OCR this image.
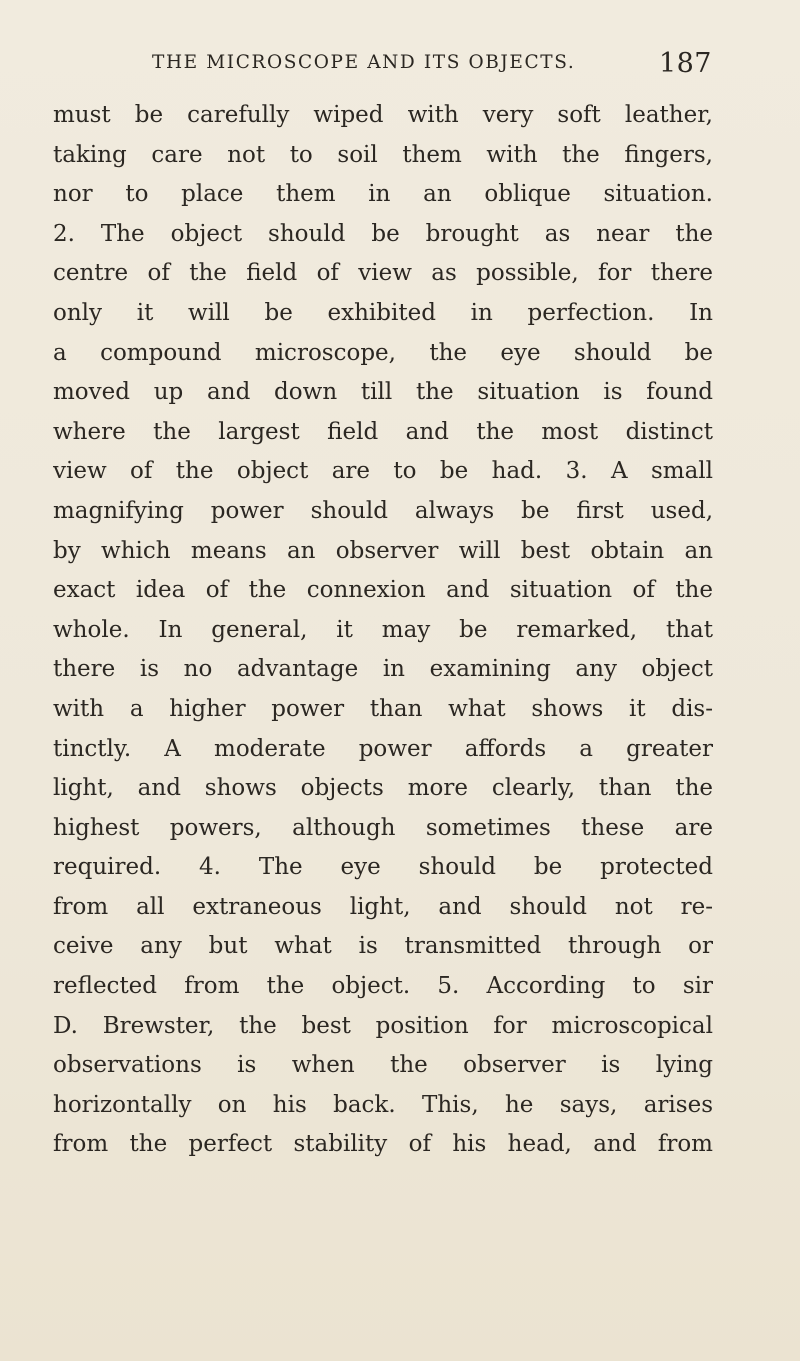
THE MICROSCOPE AND ITS OBJECTS.	187
must be carefully wiped with very soft leather,
taking care not to soil them with the fingers,
nor to place them in an oblique situation.
2. The object should be brought as near the
centre of the field of view as possible, for there
only it will be exhibited in perfection. In
a compound microscope, the eye should be
moved up and down till the situation is found
where the largest field and the most distinct
view of the object are to be had. 3. A small
magnifying power should always be first used,
by which means an observer will best obtain an
exact idea of the connexion and situation of the
whole. In general, it may be remarked, that
there is no advantage in examining any object
with a higher power than what shows it dis-
tinctly. A moderate power affords a greater
light, and shows objects more clearly, than the
highest powers, although sometimes these are
required. 4. The eye should be protected
from all extraneous light, and should not re-
ceive any but what is transmitted through or
reflected from the object. 5. According to sir
D. Brewster, the best position for microscopical
observations is when the observer is lying
horizontally on his back. This, he says, arises
from the perfect stability of his head, and from
